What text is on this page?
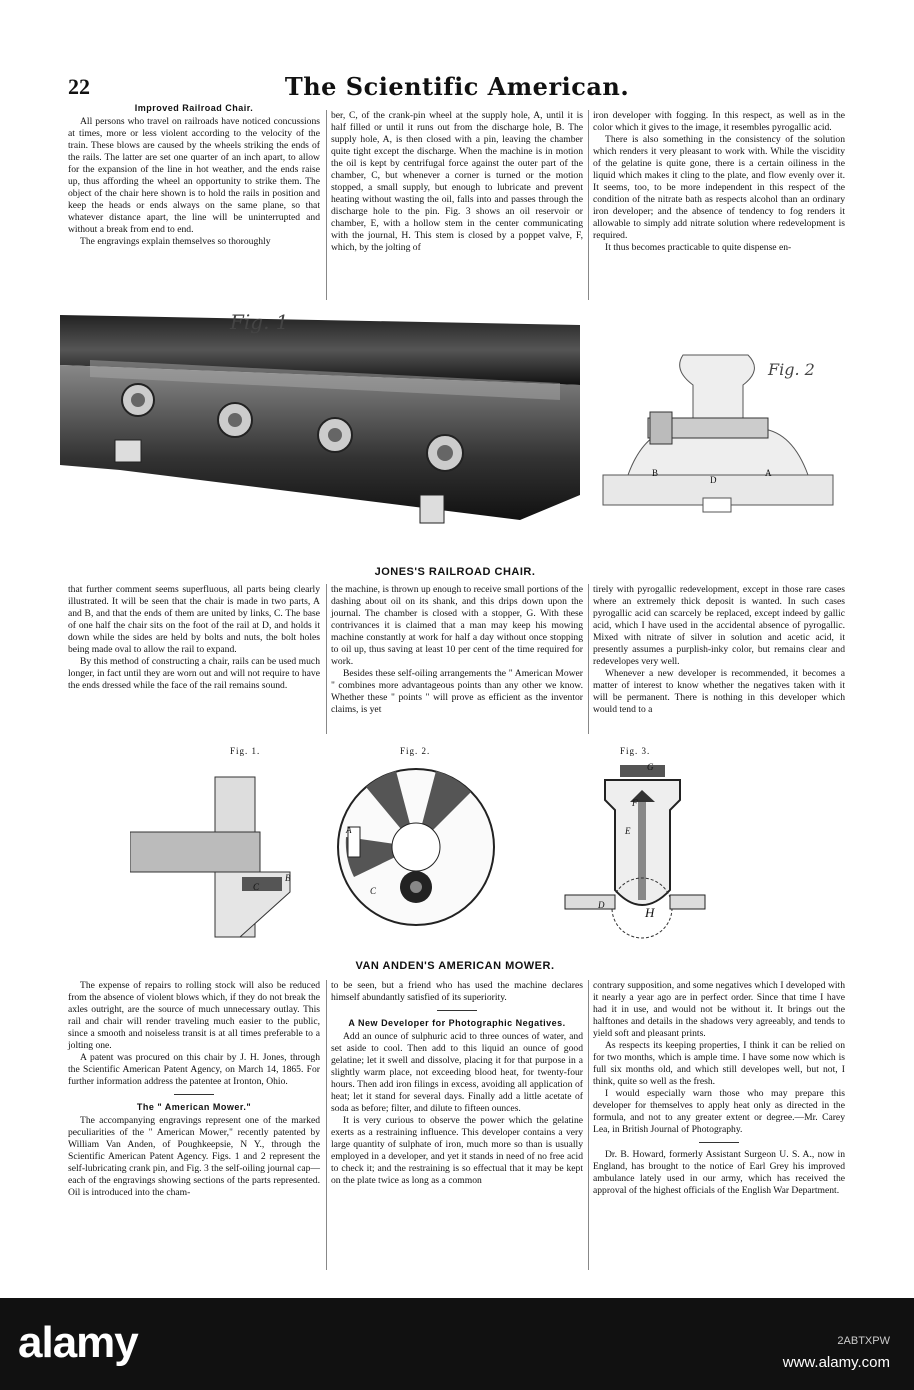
22	The Scientific American.
Improved Railroad Chair.

All persons who travel on railroads have noticed concussions at times, more or less violent according to the velocity of the train. These blows are caused by the wheels striking the ends of the rails. The latter are set one quarter of an inch apart, to allow for the expansion of the line in hot weather, and the ends raise up, thus affording the wheel an opportunity to strike them. The object of the chair here shown is to hold the rails in position and keep the heads or ends always on the same plane, so that whatever distance apart, the line will be uninterrupted and without a break from end to end.

The engravings explain themselves so thoroughly

ber, C, of the crank-pin wheel at the supply hole, A, until it is half filled or until it runs out from the discharge hole, B. The supply hole, A, is then closed with a pin, leaving the chamber quite tight except the discharge. When the machine is in motion the oil is kept by centrifugal force against the outer part of the chamber, C, but whenever a corner is turned or the motion stopped, a small supply, but enough to lubricate and prevent heating without wasting the oil, falls into and passes through the discharge hole to the pin. Fig. 3 shows an oil reservoir or chamber, E, with a hollow stem in the center communicating with the journal, H. This stem is closed by a poppet valve, F, which, by the jolting of

iron developer with fogging. In this respect, as well as in the color which it gives to the image, it resembles pyrogallic acid.

There is also something in the consistency of the solution which renders it very pleasant to work with. While the viscidity of the gelatine is quite gone, there is a certain oiliness in the liquid which makes it cling to the plate, and flow evenly over it. It seems, too, to be more independent in this respect of the condition of the nitrate bath as respects alcohol than an ordinary iron developer; and the absence of tendency to fog renders it allowable to simply add nitrate solution where redevelopment is required.

It thus becomes practicable to quite dispense en-

Fig. 1
Fig. 2
B
D
A
JONES'S RAILROAD CHAIR.

that further comment seems superfluous, all parts being clearly illustrated. It will be seen that the chair is made in two parts, A and B, and that the ends of them are united by links, C. The base of one half the chair sits on the foot of the rail at D, and holds it down while the sides are held by bolts and nuts, the bolt holes being made oval to allow the rail to expand.

By this method of constructing a chair, rails can be used much longer, in fact until they are worn out and will not require to have the ends dressed while the face of the rail remains sound.

the machine, is thrown up enough to receive small portions of the dashing about oil on its shank, and this drips down upon the journal. The chamber is closed with a stopper, G. With these contrivances it is claimed that a man may keep his mowing machine constantly at work for half a day without once stopping to oil up, thus saving at least 10 per cent of the time required for work.

Besides these self-oiling arrangements the " American Mower " combines more advantageous points than any other we know. Whether these " points " will prove as efficient as the inventor claims, is yet

tirely with pyrogallic redevelopment, except in those rare cases where an extremely thick deposit is wanted. In such cases pyrogallic acid can scarcely be replaced, except indeed by gallic acid, which I have used in the accidental absence of pyrogallic. Mixed with nitrate of silver in solution and acetic acid, it presently assumes a purplish-inky color, but remains clear and redevelopes very well.

Whenever a new developer is recommended, it becomes a matter of interest to know whether the negatives taken with it will be permanent. There is nothing in this developer which would tend to a

Fig. 1.	Fig. 2.	Fig. 3.
C
B
A
C
G
F
E
D	H
VAN ANDEN'S AMERICAN MOWER.

The expense of repairs to rolling stock will also be reduced from the absence of violent blows which, if they do not break the axles outright, are the source of much unnecessary outlay. This rail and chair will render traveling much easier to the public, since a smooth and noiseless transit is at all times preferable to a jolting one.

A patent was procured on this chair by J. H. Jones, through the Scientific American Patent Agency, on March 14, 1865. For further information address the patentee at Ironton, Ohio.

The " American Mower."

The accompanying engravings represent one of the marked peculiarities of the " American Mower," recently patented by William Van Anden, of Poughkeepsie, N Y., through the Scientific American Patent Agency. Figs. 1 and 2 represent the self-lubricating crank pin, and Fig. 3 the self-oiling journal cap—each of the engravings showing sections of the parts represented. Oil is introduced into the cham-

to be seen, but a friend who has used the machine declares himself abundantly satisfied of its superiority.

A New Developer for Photographic Negatives.

Add an ounce of sulphuric acid to three ounces of water, and set aside to cool. Then add to this liquid an ounce of good gelatine; let it swell and dissolve, placing it for that purpose in a slightly warm place, not exceeding blood heat, for twenty-four hours. Then add iron filings in excess, avoiding all application of heat; let it stand for several days. Finally add a little acetate of soda as before; filter, and dilute to fifteen ounces.

It is very curious to observe the power which the gelatine exerts as a restraining influence. This developer contains a very large quantity of sulphate of iron, much more so than is usually employed in a developer, and yet it stands in need of no free acid to check it; and the restraining is so effectual that it may be kept on the plate twice as long as a common

contrary supposition, and some negatives which I developed with it nearly a year ago are in perfect order. Since that time I have had it in use, and would not be without it. It brings out the halftones and details in the shadows very agreeably, and tends to yield soft and pleasant prints.

As respects its keeping properties, I think it can be relied on for two months, which is ample time. I have some now which is full six months old, and which still developes well, but not, I think, quite so well as the fresh.

I would especially warn those who may prepare this developer for themselves to apply heat only as directed in the formula, and not to any greater extent or degree.—Mr. Carey Lea, in British Journal of Photography.

Dr. B. Howard, formerly Assistant Surgeon U. S. A., now in England, has brought to the notice of Earl Grey his improved ambulance lately used in our army, which has received the approval of the highest officials of the English War Department.

alamy	2ABTXPW
www.alamy.com
